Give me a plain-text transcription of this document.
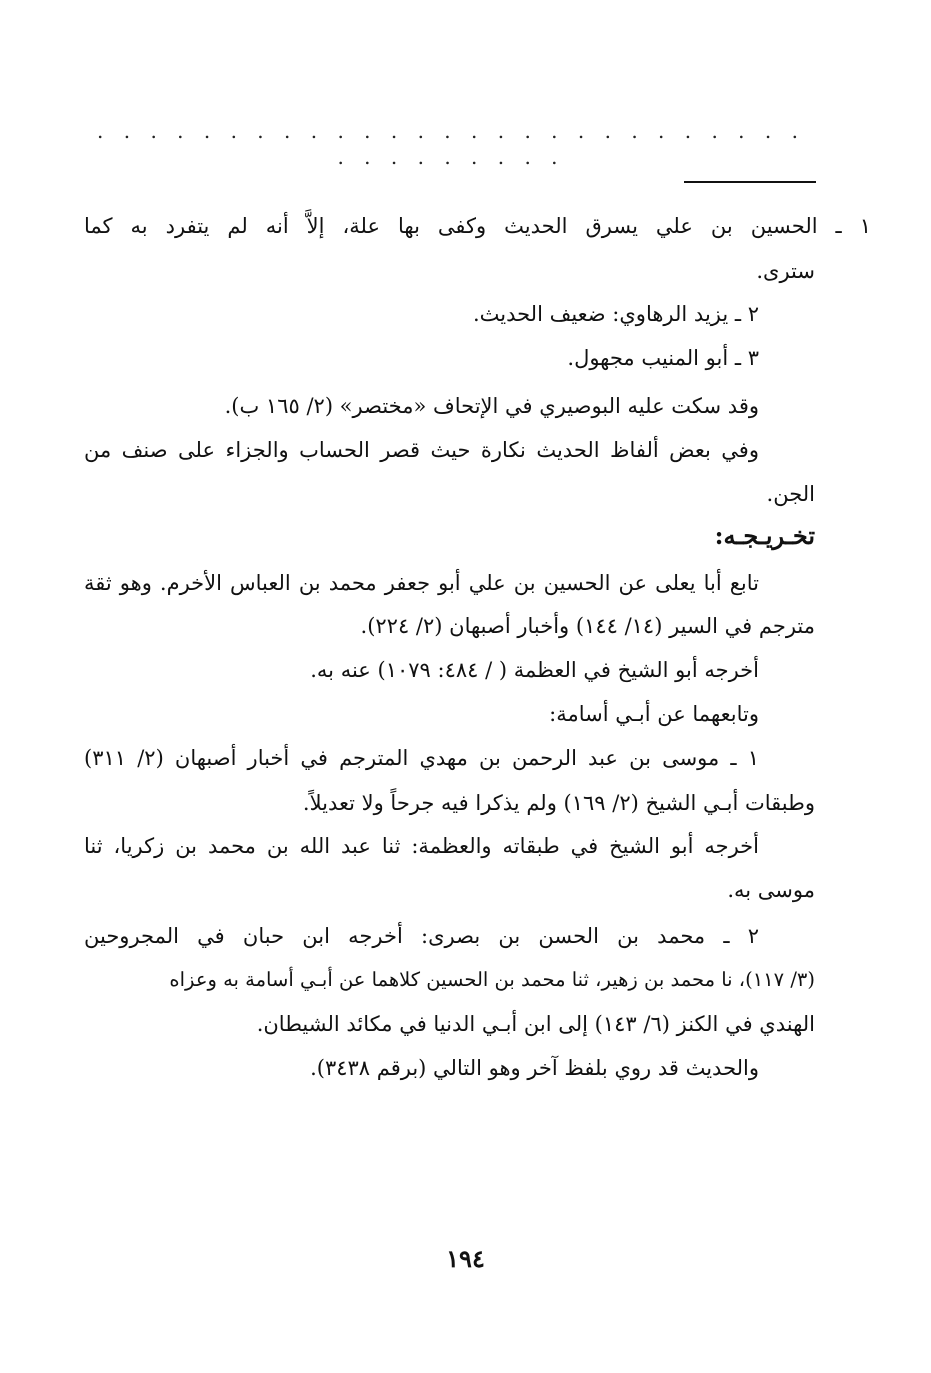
. . . . . . . . . . . . . . . . . . . . . . . . . . . . . . . . . . . .
١ ـ الحسين بن علي يسرق الحديث وكفى بها علة، إلاَّ أنه لم يتفرد به كما
سترى.
٢ ـ يزيد الرهاوي: ضعيف الحديث.
٣ ـ أبو المنيب مجهول.
وقد سكت عليه البوصيري في الإتحاف «مختصر» (٢/ ١٦٥ ب).
وفي بعض ألفاظ الحديث نكارة حيث قصر الحساب والجزاء على صنف من
الجن.
تخـريـجـه:
تابع أبا يعلى عن الحسين بن علي أبو جعفر محمد بن العباس الأخرم. وهو ثقة
مترجم في السير (١٤/ ١٤٤) وأخبار أصبهان (٢/ ٢٢٤).
أخرجه أبو الشيخ في العظمة ( / ٤٨٤: ١٠٧٩) عنه به.
وتابعهما عن أبـي أسامة:
١ ـ موسى بن عبد الرحمن بن مهدي المترجم في أخبار أصبهان (٢/ ٣١١)
وطبقات أبـي الشيخ (٢/ ١٦٩) ولم يذكرا فيه جرحاً ولا تعديلاً.
أخرجه أبو الشيخ في طبقاته والعظمة: ثنا عبد الله بن محمد بن زكريا، ثنا
موسى به.
٢ ـ محمد بن الحسن بن بصرى: أخرجه ابن حبان في المجروحين
(٣/ ١١٧)، نا محمد بن زهير، ثنا محمد بن الحسين كلاهما عن أبـي أسامة به وعزاه
الهندي في الكنز (٦/ ١٤٣) إلى ابن أبـي الدنيا في مكائد الشيطان.
والحديث قد روي بلفظ آخر وهو التالي (برقم ٣٤٣٨).
١٩٤
